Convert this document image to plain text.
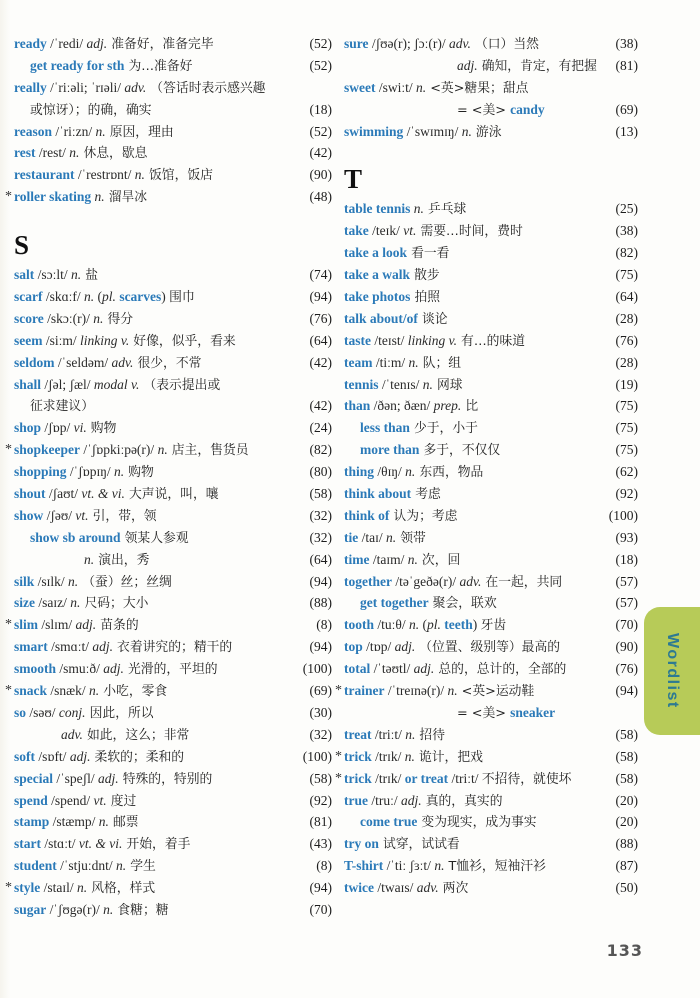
ready /ˈredi/ adj. 准备好，准备完毕	(52)
get ready for sth 为…准备好	(52)
really /ˈriːəli; ˈrɪəli/ adv. （答话时表示感兴趣
或惊讶）；的确，确实	(18)
reason /ˈriːzn/ n. 原因，理由	(52)
rest /rest/ n. 休息，歇息	(42)
restaurant /ˈrestrɒnt/ n. 饭馆，饭店	(90)
* roller skating n. 溜旱冰	(48)
S
salt /sɔːlt/ n. 盐	(74)
scarf /skɑːf/ n. (pl. scarves) 围巾	(94)
score /skɔː(r)/ n. 得分	(76)
seem /siːm/ linking v. 好像，似乎，看来	(64)
seldom /ˈseldəm/ adv. 很少，不常	(42)
shall /ʃəl; ʃæl/ modal v. （表示提出或
征求建议）	(42)
shop /ʃɒp/ vi. 购物	(24)
* shopkeeper /ˈʃɒpkiːpə(r)/ n. 店主，售货员	(82)
shopping /ˈʃɒpɪŋ/ n. 购物	(80)
shout /ʃaʊt/ vt. & vi. 大声说，叫，嚷	(58)
show /ʃəʊ/ vt. 引，带，领	(32)
show sb around 领某人参观	(32)
n. 演出，秀	(64)
silk /sɪlk/ n. （蚕）丝；丝绸	(94)
size /saɪz/ n. 尺码；大小	(88)
* slim /slɪm/ adj. 苗条的	(8)
smart /smɑːt/ adj. 衣着讲究的；精干的	(94)
smooth /smuːð/ adj. 光滑的，平坦的	(100)
* snack /snæk/ n. 小吃，零食	(69)
so /səʊ/ conj. 因此，所以	(30)
adv. 如此，这么；非常	(32)
soft /sɒft/ adj. 柔软的；柔和的	(100)
special /ˈspeʃl/ adj. 特殊的，特别的	(58)
spend /spend/ vt. 度过	(92)
stamp /stæmp/ n. 邮票	(81)
start /stɑːt/ vt. & vi. 开始，着手	(43)
student /ˈstjuːdnt/ n. 学生	(8)
* style /staɪl/ n. 风格，样式	(94)
sugar /ˈʃʊgə(r)/ n. 食糖；糖	(70)
sure /ʃʊə(r); ʃɔː(r)/ adv. （口）当然	(38)
adj. 确知，肯定，有把握	(81)
sweet /swiːt/ n. <英>糖果；甜点
= <美> candy	(69)
swimming /ˈswɪmɪŋ/ n. 游泳	(13)
T
table tennis n. 乒乓球	(25)
take /teɪk/ vt. 需要…时间，费时	(38)
take a look 看一看	(82)
take a walk 散步	(75)
take photos 拍照	(64)
talk about/of 谈论	(28)
taste /teɪst/ linking v. 有…的味道	(76)
team /tiːm/ n. 队；组	(28)
tennis /ˈtenɪs/ n. 网球	(19)
than /ðən; ðæn/ prep. 比	(75)
less than 少于，小于	(75)
more than 多于，不仅仅	(75)
thing /θɪŋ/ n. 东西，物品	(62)
think about 考虑	(92)
think of 认为；考虑	(100)
tie /taɪ/ n. 领带	(93)
time /taɪm/ n. 次，回	(18)
together /təˈgeðə(r)/ adv. 在一起，共同	(57)
get together 聚会，联欢	(57)
tooth /tuːθ/ n. (pl. teeth) 牙齿	(70)
top /tɒp/ adj. （位置、级别等）最高的	(90)
total /ˈtəʊtl/ adj. 总的，总计的，全部的	(76)
* trainer /ˈtreɪnə(r)/ n. <英>运动鞋	(94)
= <美> sneaker
treat /triːt/ n. 招待	(58)
* trick /trɪk/ n. 诡计，把戏	(58)
* trick /trɪk/ or treat /triːt/ 不招待，就使坏	(58)
true /truː/ adj. 真的，真实的	(20)
come true 变为现实，成为事实	(20)
try on 试穿，试试看	(88)
T-shirt /ˈtiː ʃɜːt/ n. T恤衫，短袖汗衫	(87)
twice /twaɪs/ adv. 两次	(50)
Wordlist
133
